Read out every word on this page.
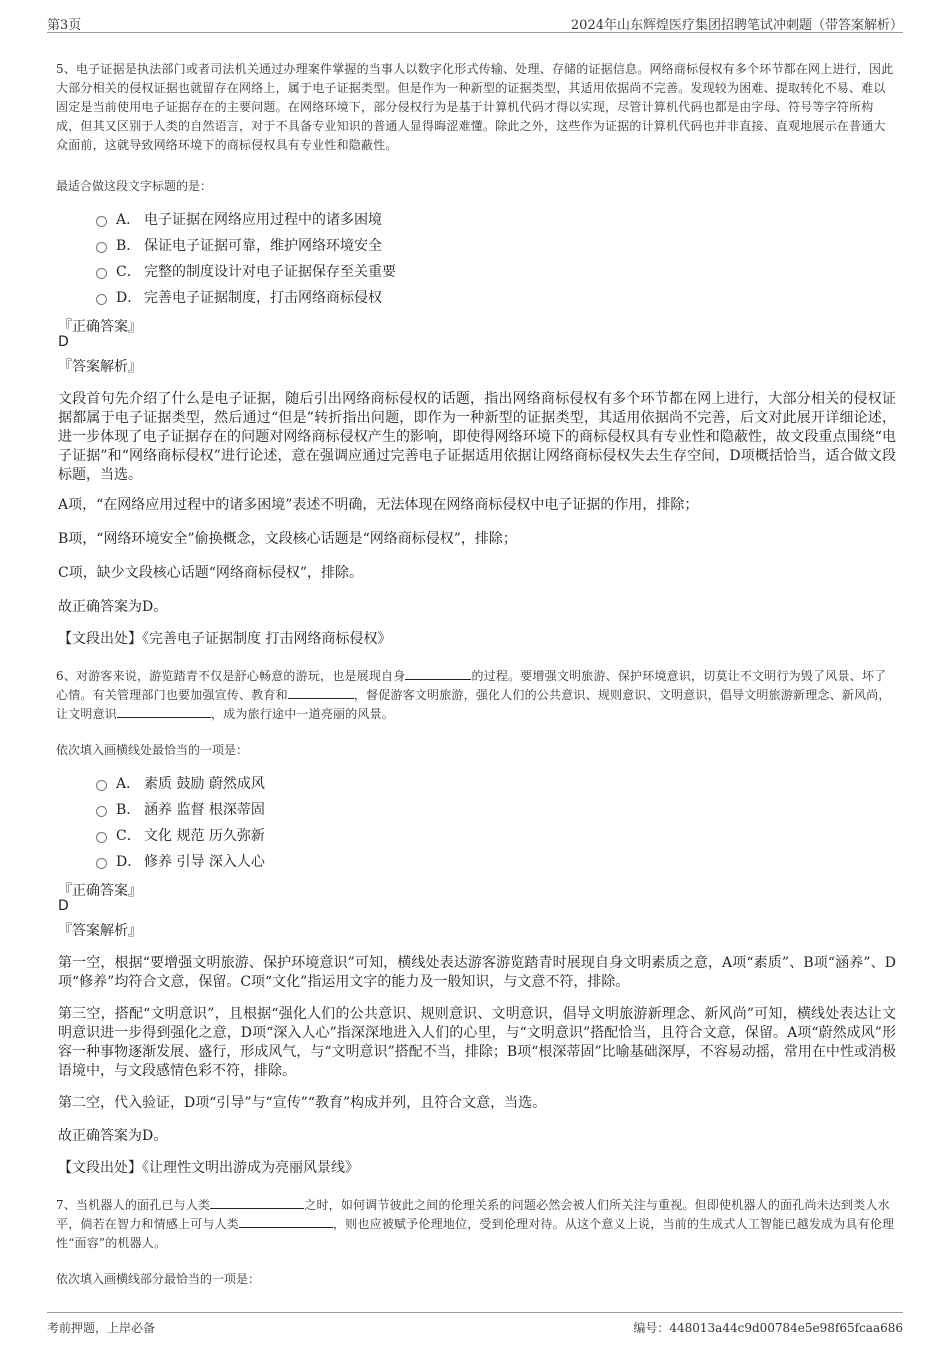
第3页	2024年山东辉煌医疗集团招聘笔试冲刺题（带答案解析）
5、电子证据是执法部门或者司法机关通过办理案件掌握的当事人以数字化形式传输、处理、存储的证据信息。网络商标侵权有多个环节都在网上进行，因此大部分相关的侵权证据也就留存在网络上，属于电子证据类型。但是作为一种新型的证据类型，其适用依据尚不完善。发现较为困难、提取转化不易、难以固定是当前使用电子证据存在的主要问题。在网络环境下，部分侵权行为是基于计算机代码才得以实现，尽管计算机代码也都是由字母、符号等字符所构成，但其又区别于人类的自然语言，对于不具备专业知识的普通人显得晦涩难懂。除此之外，这些作为证据的计算机代码也并非直接、直观地展示在普通大众面前，这就导致网络环境下的商标侵权具有专业性和隐蔽性。
最适合做这段文字标题的是：
A． 电子证据在网络应用过程中的诸多困境
B． 保证电子证据可靠，维护网络环境安全
C． 完整的制度设计对电子证据保存至关重要
D． 完善电子证据制度，打击网络商标侵权
『正确答案』
D
『答案解析』
文段首句先介绍了什么是电子证据，随后引出网络商标侵权的话题，指出网络商标侵权有多个环节都在网上进行，大部分相关的侵权证据都属于电子证据类型，然后通过“但是”转折指出问题，即作为一种新型的证据类型，其适用依据尚不完善，后文对此展开详细论述，进一步体现了电子证据存在的问题对网络商标侵权产生的影响，即使得网络环境下的商标侵权具有专业性和隐蔽性，故文段重点围绕“电子证据”和“网络商标侵权”进行论述，意在强调应通过完善电子证据适用依据让网络商标侵权失去生存空间，D项概括恰当，适合做文段标题，当选。
A项，“在网络应用过程中的诸多困境”表述不明确，无法体现在网络商标侵权中电子证据的作用，排除；
B项，“网络环境安全”偷换概念，文段核心话题是“网络商标侵权”，排除；
C项，缺少文段核心话题“网络商标侵权”，排除。
故正确答案为D。
【文段出处】《完善电子证据制度 打击网络商标侵权》
6、对游客来说，游览踏青不仅是舒心畅意的游玩，也是展现自身	的过程。要增强文明旅游、保护环境意识，切莫让不文明行为毁了风景、坏了心情。有关管理部门也要加强宣传、教育和	，督促游客文明旅游，强化人们的公共意识、规则意识、文明意识，倡导文明旅游新理念、新风尚，让文明意识	，成为旅行途中一道亮丽的风景。
依次填入画横线处最恰当的一项是：
A． 素质 鼓励 蔚然成风
B． 涵养 监督 根深蒂固
C． 文化 规范 历久弥新
D． 修养 引导 深入人心
『正确答案』
D
『答案解析』
第一空，根据“要增强文明旅游、保护环境意识”可知，横线处表达游客游览踏青时展现自身文明素质之意，A项“素质”、B项“涵养”、D项“修养”均符合文意，保留。C项“文化”指运用文字的能力及一般知识，与文意不符，排除。
第三空，搭配“文明意识”，且根据“强化人们的公共意识、规则意识、文明意识，倡导文明旅游新理念、新风尚”可知，横线处表达让文明意识进一步得到强化之意，D项“深入人心”指深深地进入人们的心里，与“文明意识”搭配恰当，且符合文意，保留。A项“蔚然成风”形容一种事物逐渐发展、盛行，形成风气，与“文明意识”搭配不当，排除；B项“根深蒂固”比喻基础深厚，不容易动摇，常用在中性或消极语境中，与文段感情色彩不符，排除。
第二空，代入验证，D项“引导”与“宣传”“教育”构成并列，且符合文意，当选。
故正确答案为D。
【文段出处】《让理性文明出游成为亮丽风景线》
7、当机器人的面孔已与人类	之时，如何调节彼此之间的伦理关系的问题必然会被人们所关注与重视。但即使机器人的面孔尚未达到类人水平，倘若在智力和情感上可与人类	，则也应被赋予伦理地位，受到伦理对待。从这个意义上说，当前的生成式人工智能已越发成为具有伦理性“面容”的机器人。
依次填入画横线部分最恰当的一项是：
考前押题，上岸必备	编号：448013a44c9d00784e5e98f65fcaa686
